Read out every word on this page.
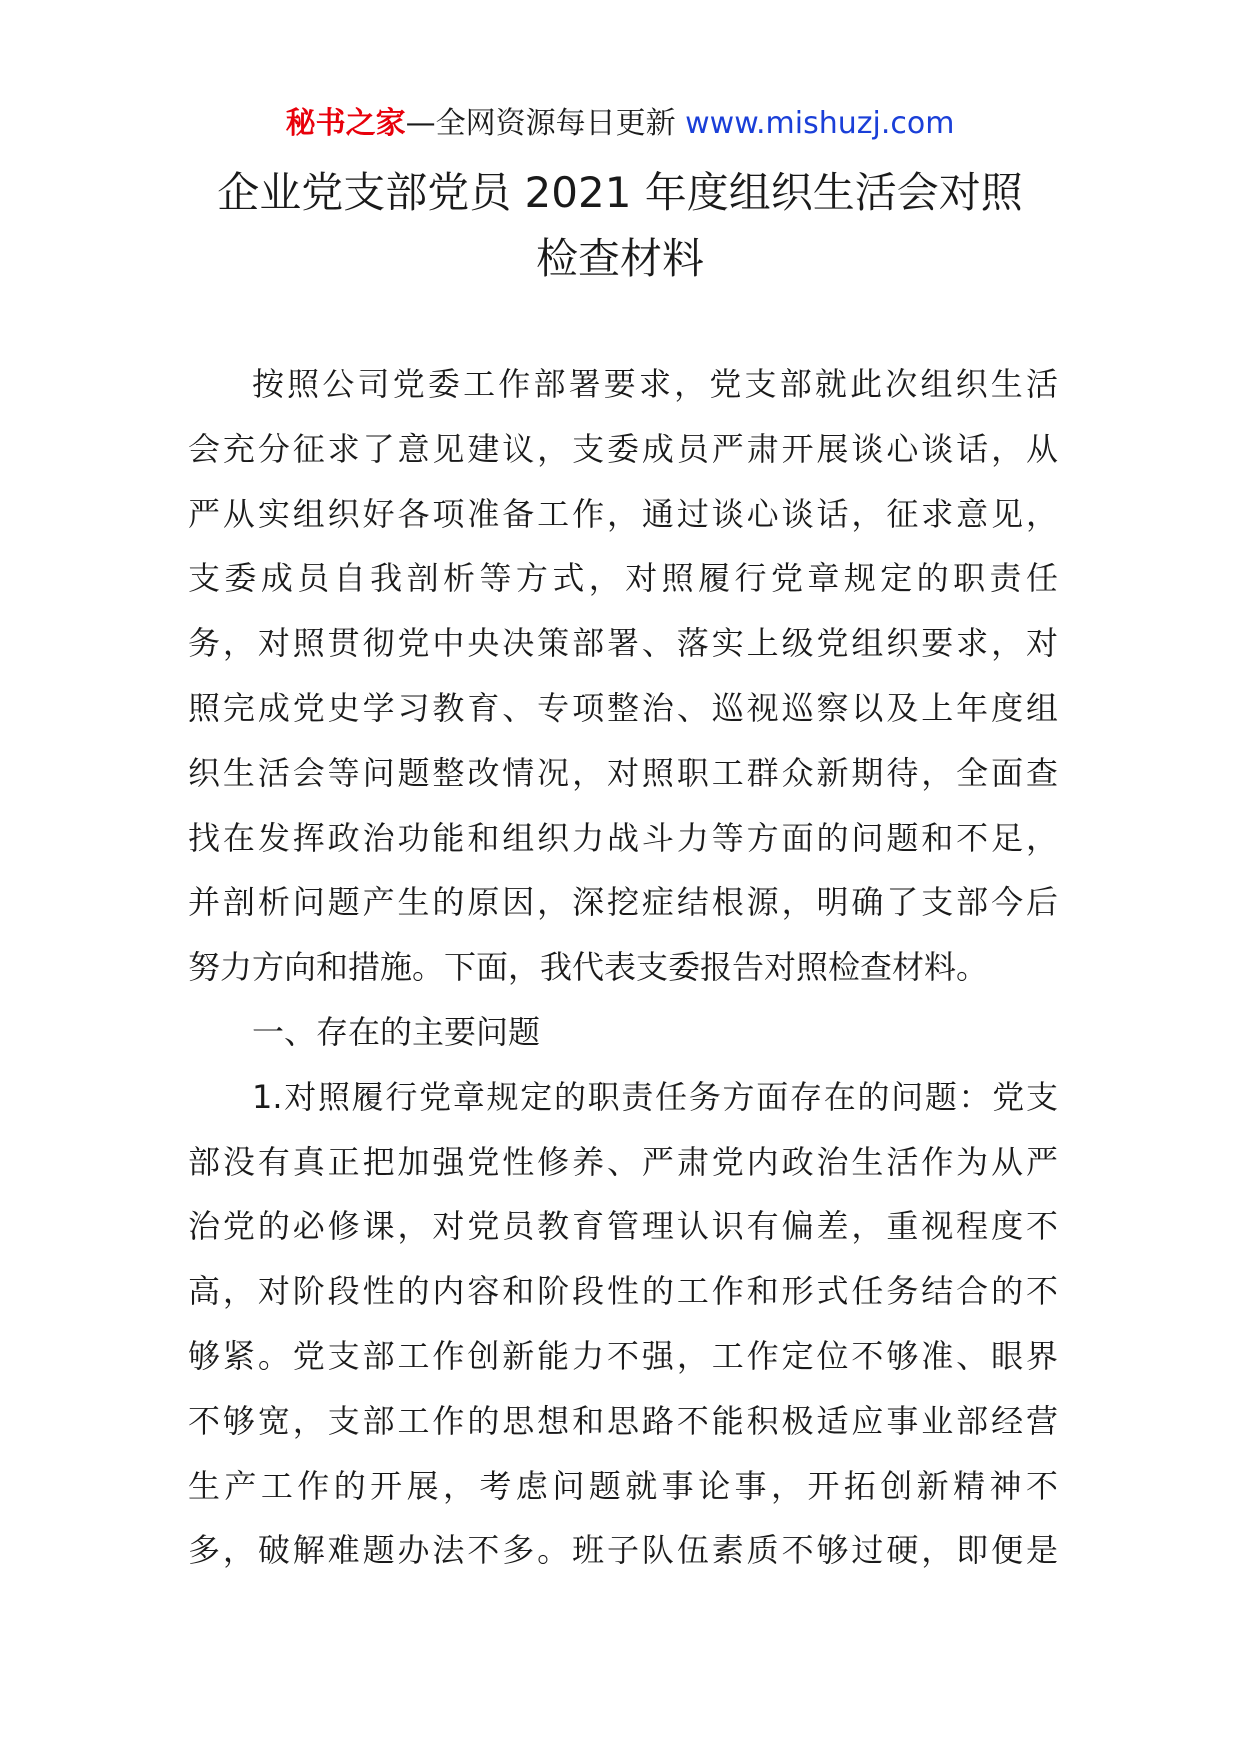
秘书之家—全网资源每日更新 www.mishuzj.com
企业党支部党员 2021 年度组织生活会对照
检查材料
按照公司党委工作部署要求，党支部就此次组织生活
会充分征求了意见建议，支委成员严肃开展谈心谈话，从
严从实组织好各项准备工作，通过谈心谈话，征求意见，
支委成员自我剖析等方式，对照履行党章规定的职责任
务，对照贯彻党中央决策部署、落实上级党组织要求，对
照完成党史学习教育、专项整治、巡视巡察以及上年度组
织生活会等问题整改情况，对照职工群众新期待，全面查
找在发挥政治功能和组织力战斗力等方面的问题和不足，
并剖析问题产生的原因，深挖症结根源，明确了支部今后
努力方向和措施。下面，我代表支委报告对照检查材料。
一、存在的主要问题
1.对照履行党章规定的职责任务方面存在的问题：党支
部没有真正把加强党性修养、严肃党内政治生活作为从严
治党的必修课，对党员教育管理认识有偏差，重视程度不
高，对阶段性的内容和阶段性的工作和形式任务结合的不
够紧。党支部工作创新能力不强，工作定位不够准、眼界
不够宽，支部工作的思想和思路不能积极适应事业部经营
生产工作的开展，考虑问题就事论事，开拓创新精神不
多，破解难题办法不多。班子队伍素质不够过硬，即便是
